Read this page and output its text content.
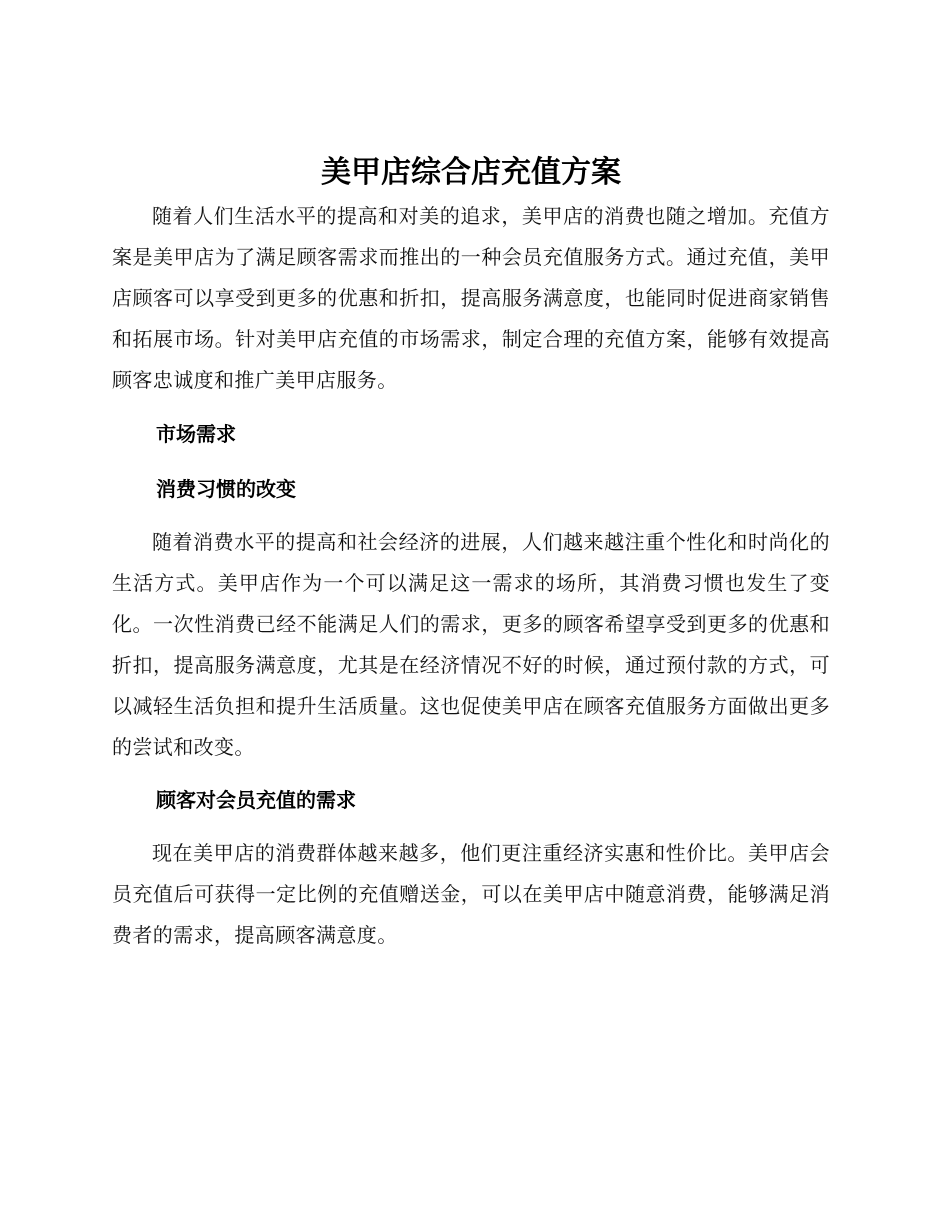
美甲店综合店充值方案

随着人们生活水平的提高和对美的追求，美甲店的消费也随之增加。充值方案是美甲店为了满足顾客需求而推出的一种会员充值服务方式。通过充值，美甲店顾客可以享受到更多的优惠和折扣，提高服务满意度，也能同时促进商家销售和拓展市场。针对美甲店充值的市场需求，制定合理的充值方案，能够有效提高顾客忠诚度和推广美甲店服务。

市场需求
消费习惯的改变

随着消费水平的提高和社会经济的进展，人们越来越注重个性化和时尚化的生活方式。美甲店作为一个可以满足这一需求的场所，其消费习惯也发生了变化。一次性消费已经不能满足人们的需求，更多的顾客希望享受到更多的优惠和折扣，提高服务满意度，尤其是在经济情况不好的时候，通过预付款的方式，可以减轻生活负担和提升生活质量。这也促使美甲店在顾客充值服务方面做出更多的尝试和改变。

顾客对会员充值的需求

现在美甲店的消费群体越来越多，他们更注重经济实惠和性价比。美甲店会员充值后可获得一定比例的充值赠送金，可以在美甲店中随意消费，能够满足消费者的需求，提高顾客满意度。
